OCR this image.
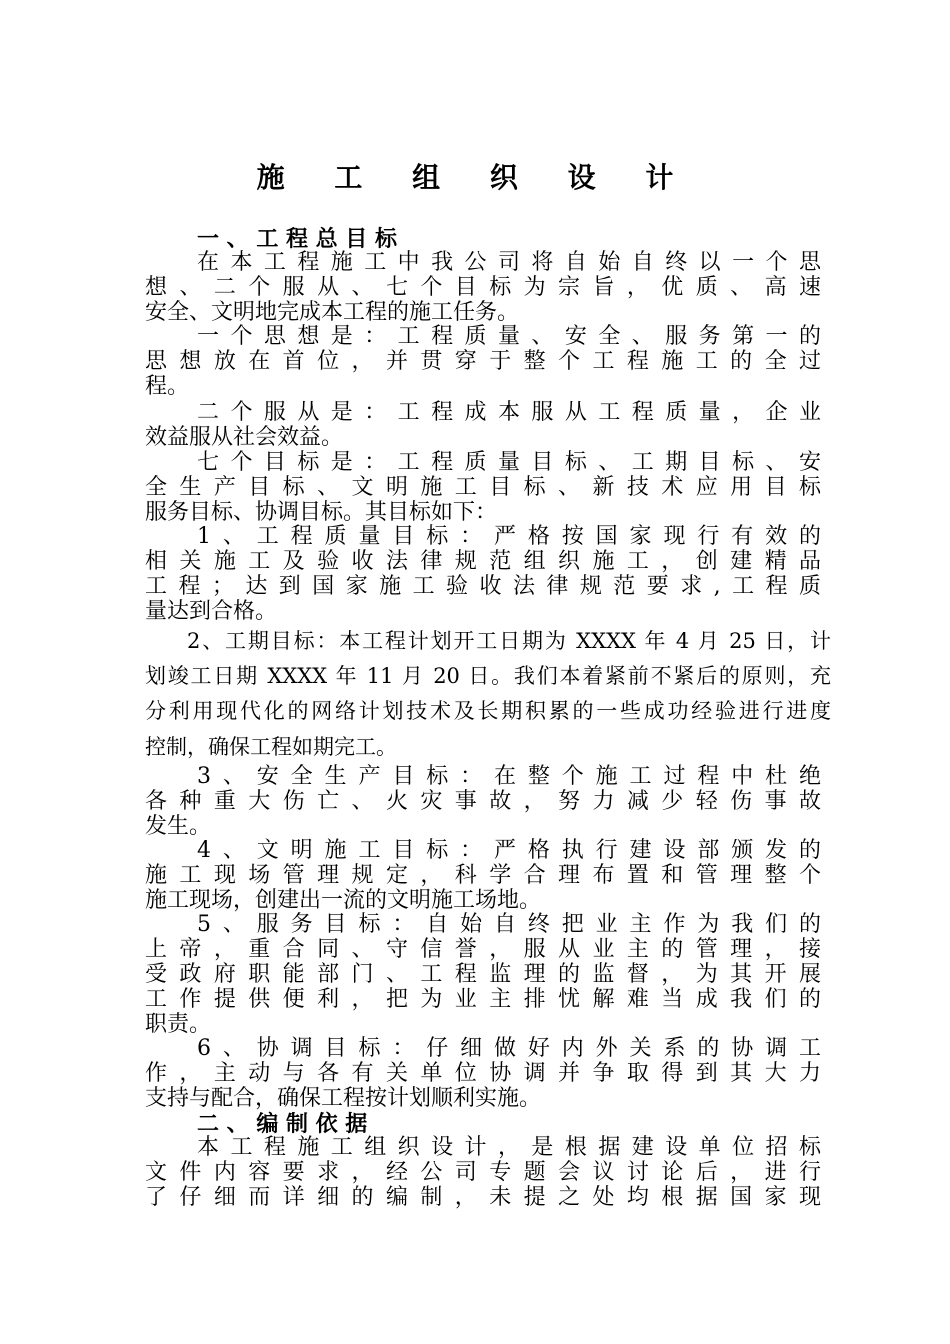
施 工 组 织 设 计
一 、 工 程 总 目 标
在本工程施工中我公司将自始自终以一个思
想、二个服从、七个目标为宗旨，优质、高速
安全、文明地完成本工程的施工任务。
一个思想是：工程质量、安全、服务第一的
思想放在首位，并贯穿于整个工程施工的全过
程。
二个服从是：工程成本服从工程质量，企业
效益服从社会效益。
七个目标是：工程质量目标、工期目标、安
全生产目标、文明施工目标、新技术应用目标
服务目标、协调目标。其目标如下：
1、工程质量目标：严格按国家现行有效的
相关施工及验收法律规范组织施工，创建精品
工程；达到国家施工验收法律规范要求,工程质
量达到合格。
2、工期目标：本工程计划开工日期为 XXXX 年 4 月 25 日，计
划竣工日期 XXXX 年 11 月 20 日。我们本着紧前不紧后的原则，充
分利用现代化的网络计划技术及长期积累的一些成功经验进行进度
控制，确保工程如期完工。
3、安全生产目标：在整个施工过程中杜绝
各种重大伤亡、火灾事故，努力减少轻伤事故
发生。
4、文明施工目标：严格执行建设部颁发的
施工现场管理规定，科学合理布置和管理整个
施工现场，创建出一流的文明施工场地。
5、服务目标：自始自终把业主作为我们的
上帝，重合同、守信誉，服从业主的管理，接
受政府职能部门、工程监理的监督，为其开展
工作提供便利，把为业主排忧解难当成我们的
职责。
6、协调目标：仔细做好内外关系的协调工
作，主动与各有关单位协调并争取得到其大力
支持与配合，确保工程按计划顺利实施。
二 、 编 制 依 据
本工程施工组织设计，是根据建设单位招标
文件内容要求，经公司专题会议讨论后，进行
了仔细而详细的编制，未提之处均根据国家现
